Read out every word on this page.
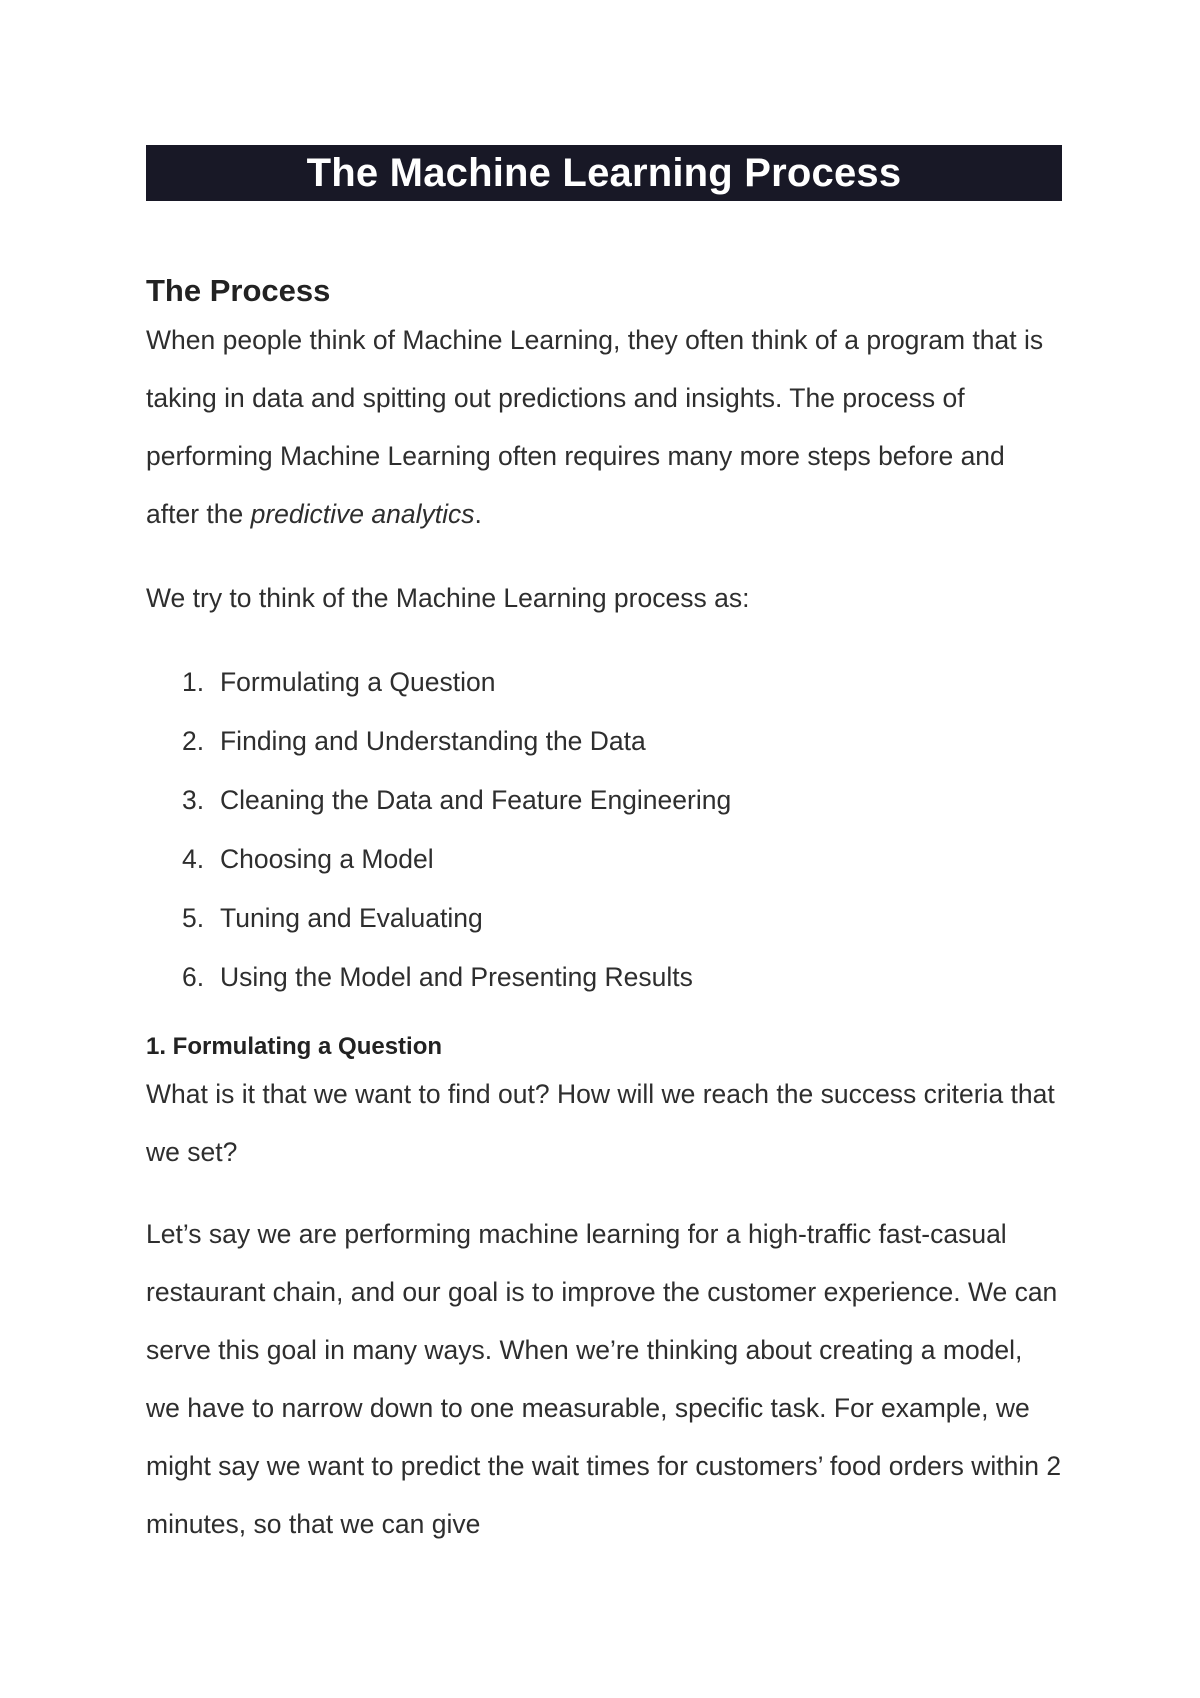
The Machine Learning Process
The Process

When people think of Machine Learning, they often think of a program that is taking in data and spitting out predictions and insights. The process of performing Machine Learning often requires many more steps before and after the predictive analytics.

We try to think of the Machine Learning process as:

1. Formulating a Question
2. Finding and Understanding the Data
3. Cleaning the Data and Feature Engineering
4. Choosing a Model
5. Tuning and Evaluating
6. Using the Model and Presenting Results
1. Formulating a Question

What is it that we want to find out? How will we reach the success criteria that we set?

Let’s say we are performing machine learning for a high-traffic fast-casual restaurant chain, and our goal is to improve the customer experience. We can serve this goal in many ways. When we’re thinking about creating a model, we have to narrow down to one measurable, specific task. For example, we might say we want to predict the wait times for customers’ food orders within 2 minutes, so that we can give
